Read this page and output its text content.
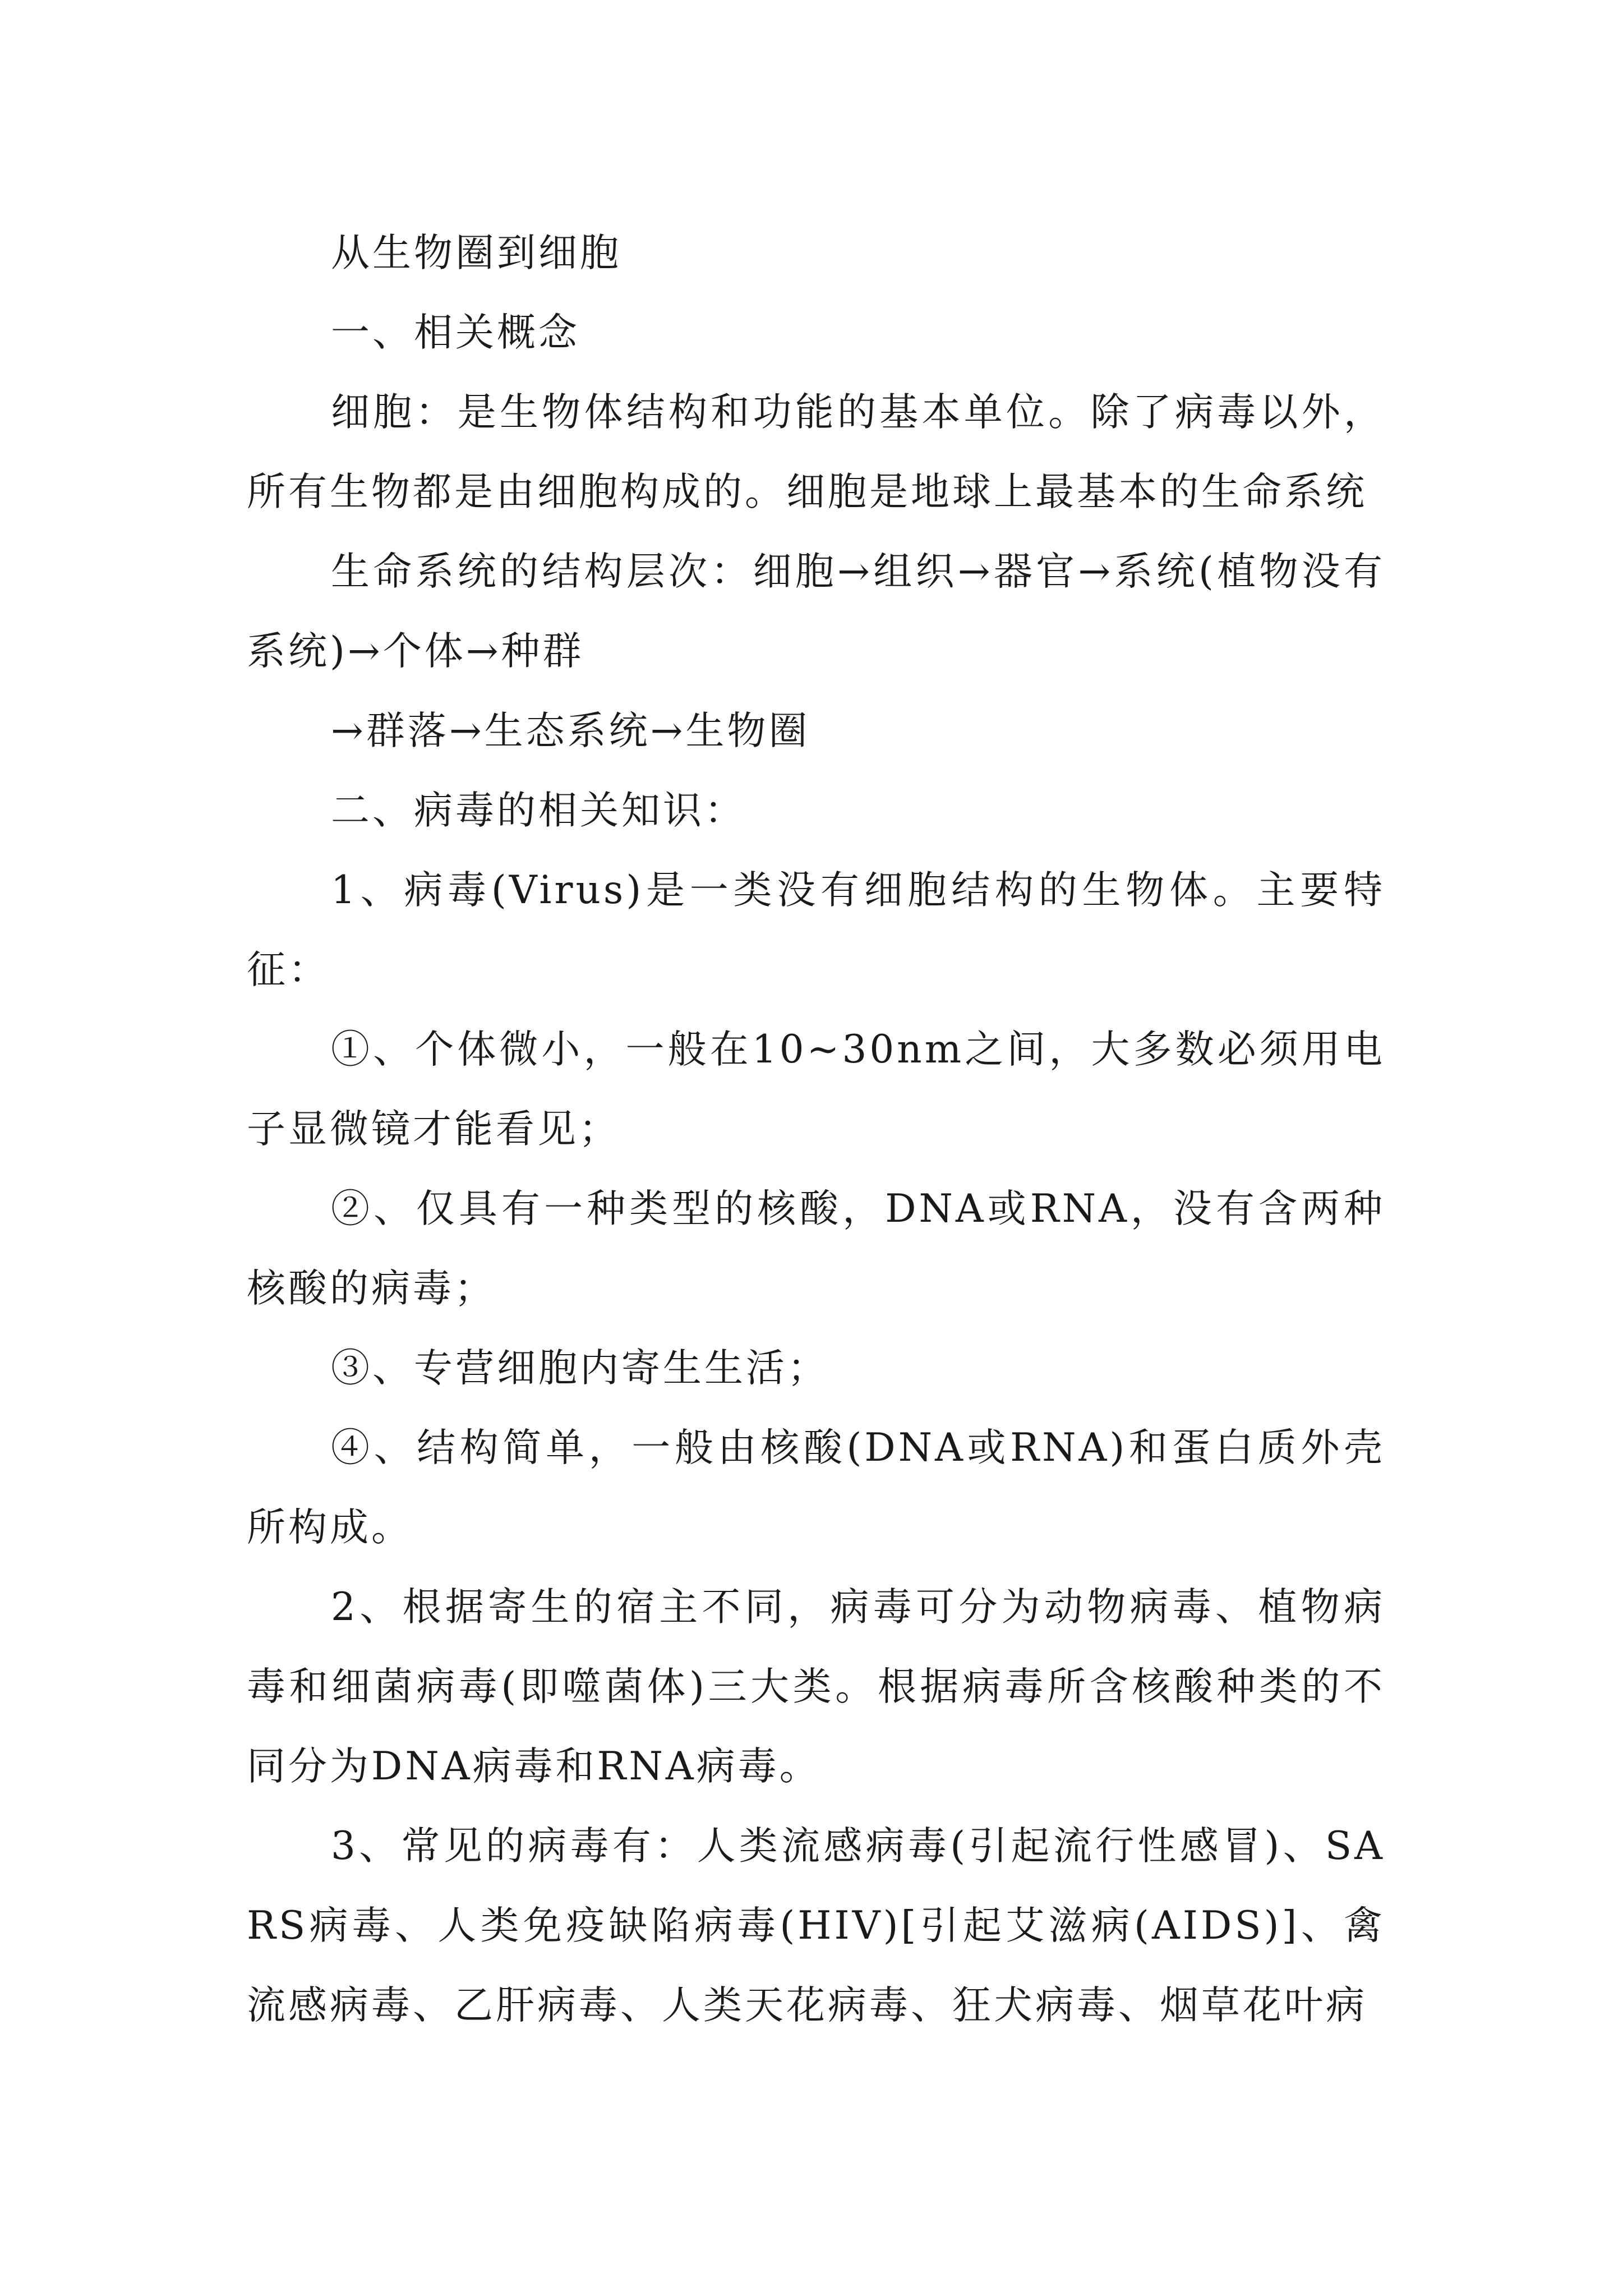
从生物圈到细胞

一、相关概念

细胞：是生物体结构和功能的基本单位。除了病毒以外，所有生物都是由细胞构成的。细胞是地球上最基本的生命系统

生命系统的结构层次：细胞→组织→器官→系统(植物没有系统)→个体→种群

→群落→生态系统→生物圈

二、病毒的相关知识：

1、病毒(Virus)是一类没有细胞结构的生物体。主要特征：

①、个体微小，一般在10~30nm之间，大多数必须用电子显微镜才能看见；

②、仅具有一种类型的核酸，DNA或RNA，没有含两种核酸的病毒；

③、专营细胞内寄生生活；

④、结构简单，一般由核酸(DNA或RNA)和蛋白质外壳所构成。

2、根据寄生的宿主不同，病毒可分为动物病毒、植物病毒和细菌病毒(即噬菌体)三大类。根据病毒所含核酸种类的不同分为DNA病毒和RNA病毒。

3、常见的病毒有：人类流感病毒(引起流行性感冒)、SARS病毒、人类免疫缺陷病毒(HIV)[引起艾滋病(AIDS)]、禽流感病毒、乙肝病毒、人类天花病毒、狂犬病毒、烟草花叶病
